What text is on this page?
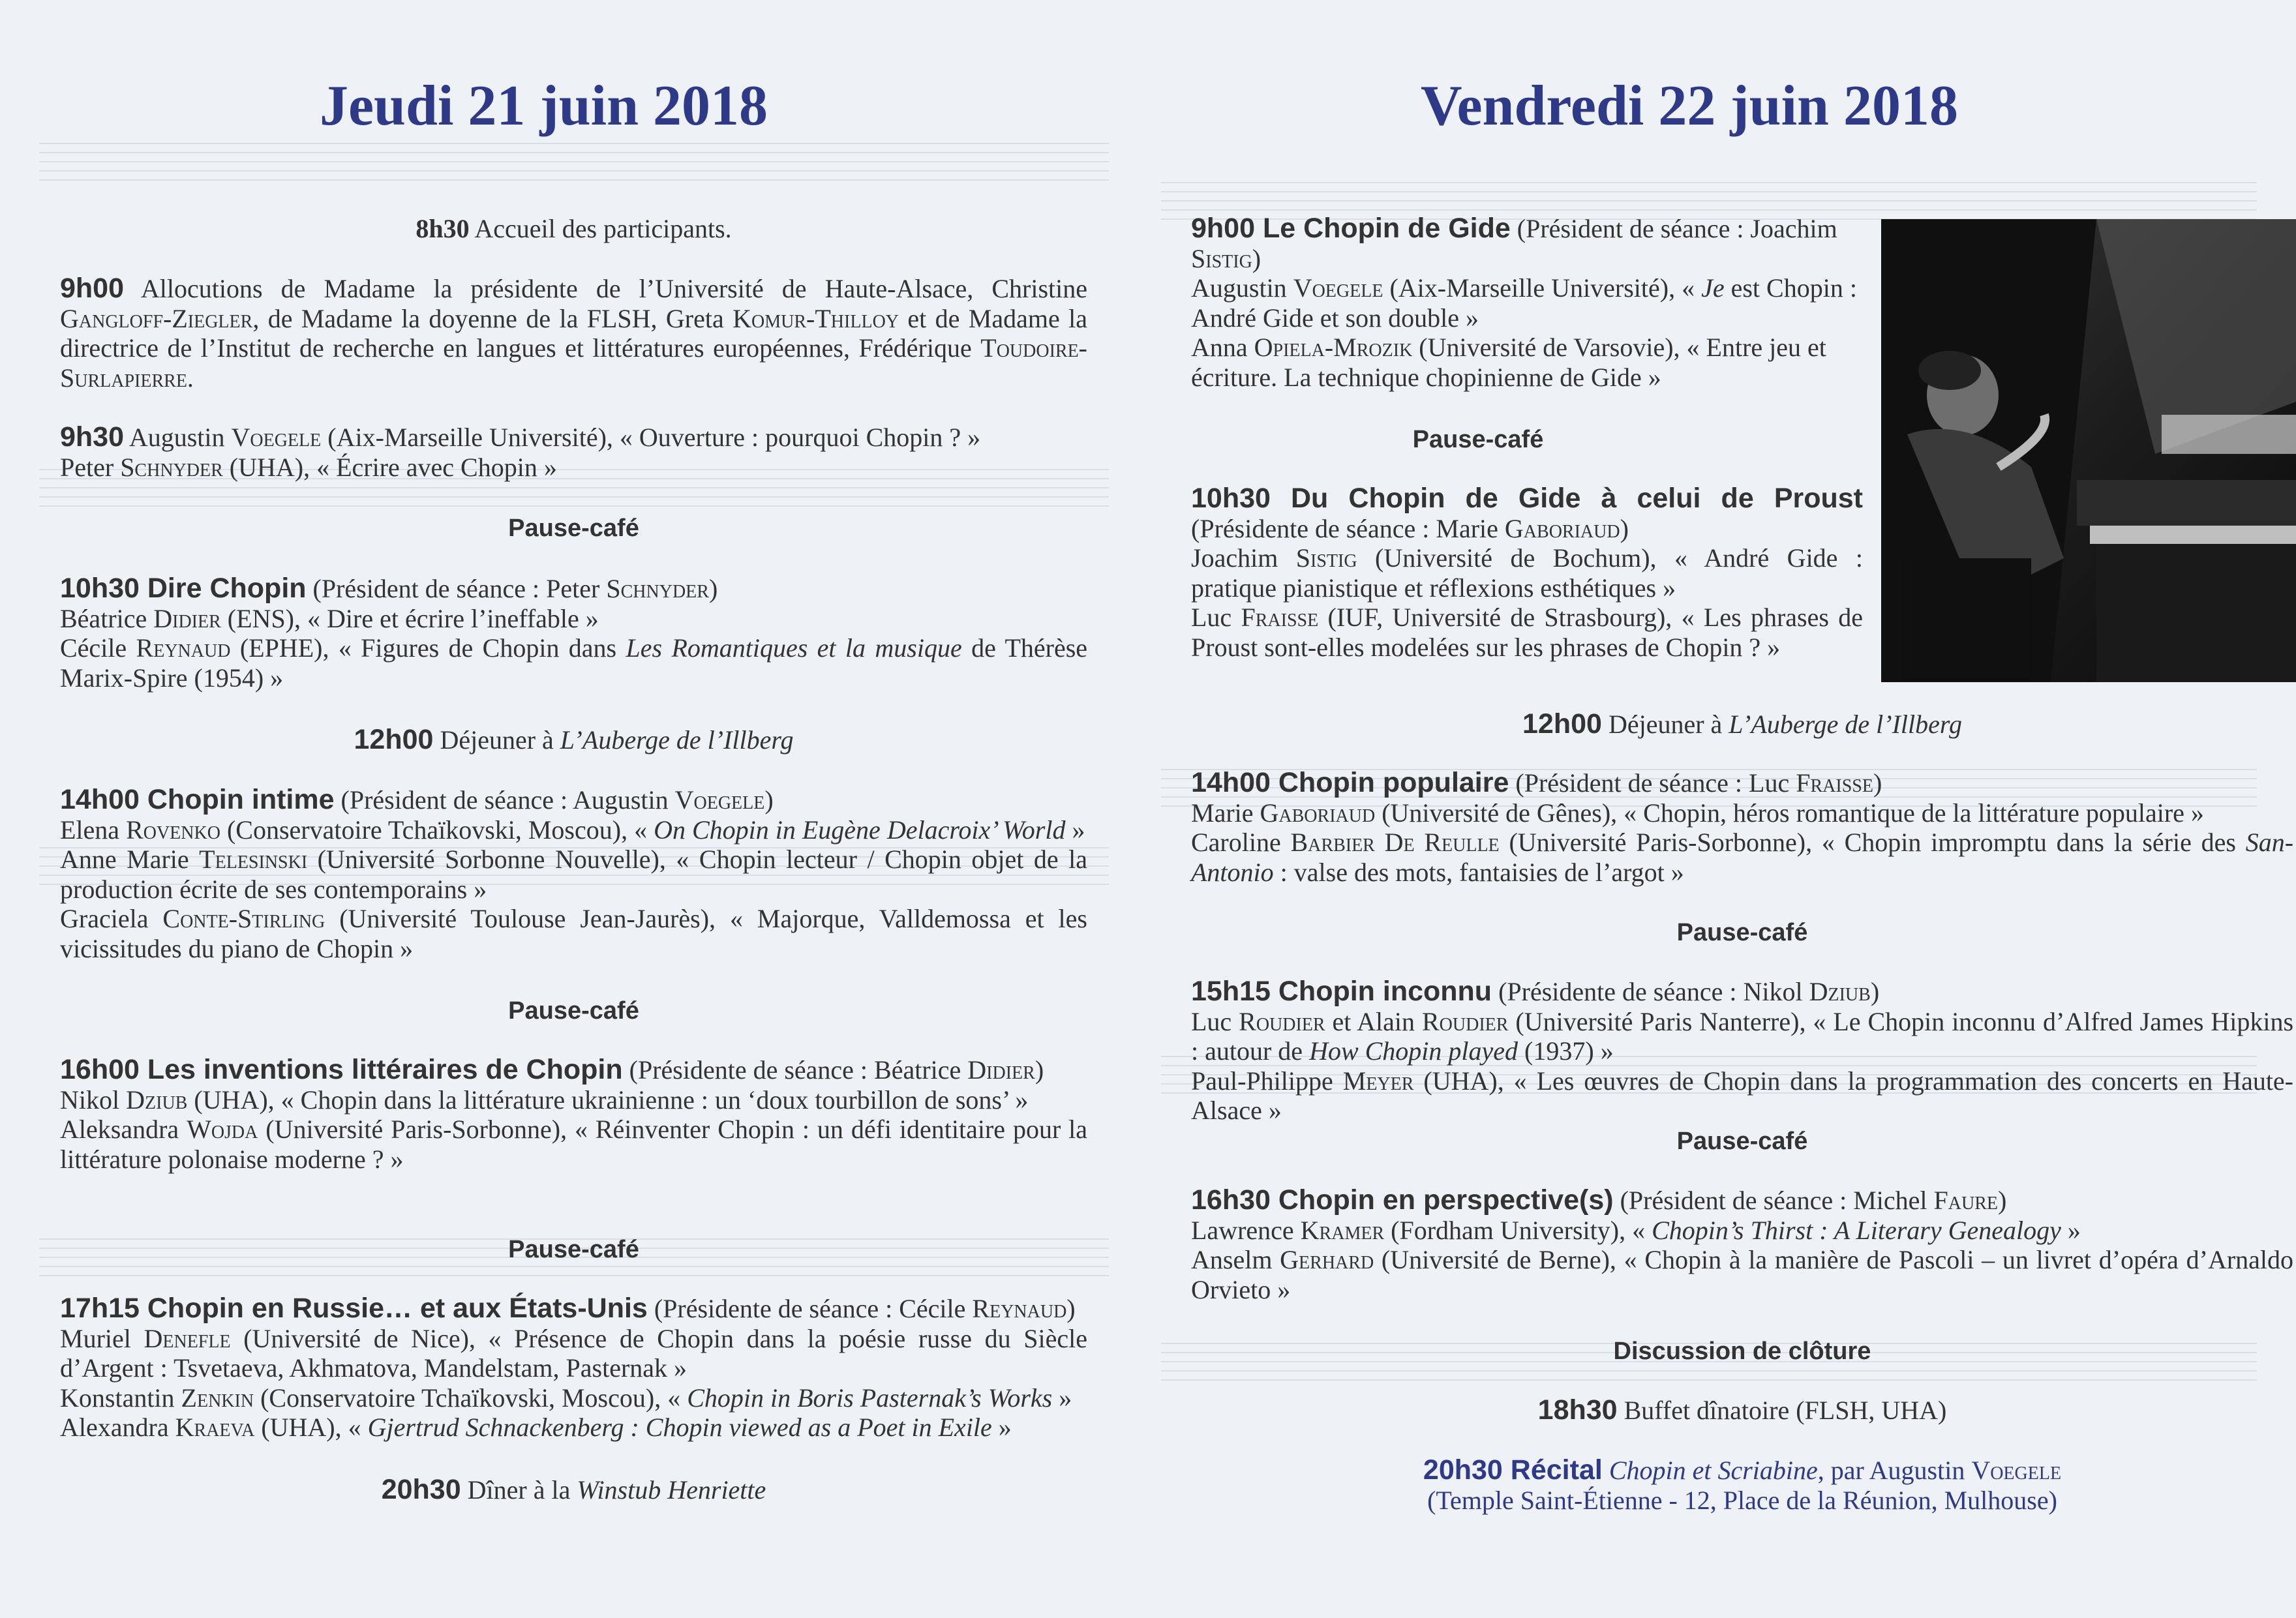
Jeudi 21 juin 2018	Vendredi 22 juin 2018
8h30 Accueil des participants.
9h00 Allocutions de Madame la présidente de l’Université de Haute-Alsace, Christine Gangloff-Ziegler, de Madame la doyenne de la FLSH, Greta Komur-Thilloy et de Madame la directrice de l’Institut de recherche en langues et littératures européennes, Frédérique Toudoire-Surlapierre.
9h30 Augustin Voegele (Aix-Marseille Université), « Ouverture : pourquoi Chopin ? »
Peter Schnyder (UHA), « Écrire avec Chopin »
Pause-café
10h30 Dire Chopin (Président de séance : Peter Schnyder)
Béatrice Didier (ENS), « Dire et écrire l’ineffable »
Cécile Reynaud (EPHE), « Figures de Chopin dans Les Romantiques et la musique de Thérèse Marix-Spire (1954) »
12h00 Déjeuner à L’Auberge de l’Illberg
14h00 Chopin intime (Président de séance : Augustin Voegele)
Elena Rovenko (Conservatoire Tchaïkovski, Moscou), « On Chopin in Eugène Delacroix’ World »
Anne Marie Telesinski (Université Sorbonne Nouvelle), « Chopin lecteur / Chopin objet de la production écrite de ses contemporains »
Graciela Conte-Stirling (Université Toulouse Jean-Jaurès), « Majorque, Valldemossa et les vicissitudes du piano de Chopin »
Pause-café
16h00 Les inventions littéraires de Chopin (Présidente de séance : Béatrice Didier)
Nikol Dziub (UHA), « Chopin dans la littérature ukrainienne : un ‘doux tourbillon de sons’ »
Aleksandra Wojda (Université Paris-Sorbonne), « Réinventer Chopin : un défi identitaire pour la littérature polonaise moderne ? »
Pause-café
17h15 Chopin en Russie… et aux États-Unis (Présidente de séance : Cécile Reynaud)
Muriel Denefle (Université de Nice), « Présence de Chopin dans la poésie russe du Siècle d’Argent : Tsvetaeva, Akhmatova, Mandelstam, Pasternak »
Konstantin Zenkin (Conservatoire Tchaïkovski, Moscou), « Chopin in Boris Pasternak’s Works »
Alexandra Kraeva (UHA), « Gjertrud Schnackenberg : Chopin viewed as a Poet in Exile »
20h30 Dîner à la Winstub Henriette
9h00 Le Chopin de Gide (Président de séance : Joachim Sistig)
Augustin Voegele (Aix-Marseille Université), « Je est Chopin : André Gide et son double »
Anna Opiela-Mrozik (Université de Varsovie), « Entre jeu et écriture. La technique chopinienne de Gide »
Pause-café
10h30 Du Chopin de Gide à celui de Proust (Présidente de séance : Marie Gaboriaud)
Joachim Sistig (Université de Bochum), « André Gide : pratique pianistique et réflexions esthétiques »
Luc Fraisse (IUF, Université de Strasbourg), « Les phrases de Proust sont-elles modelées sur les phrases de Chopin ? »
12h00 Déjeuner à L’Auberge de l’Illberg
14h00 Chopin populaire (Président de séance : Luc Fraisse)
Marie Gaboriaud (Université de Gênes), « Chopin, héros romantique de la littérature populaire »
Caroline Barbier De Reulle (Université Paris-Sorbonne), « Chopin impromptu dans la série des San-Antonio : valse des mots, fantaisies de l’argot »
Pause-café
15h15 Chopin inconnu (Présidente de séance : Nikol Dziub)
Luc Roudier et Alain Roudier (Université Paris Nanterre), « Le Chopin inconnu d’Alfred James Hipkins : autour de How Chopin played (1937) »
Paul-Philippe Meyer (UHA), « Les œuvres de Chopin dans la programmation des concerts en Haute-Alsace »
Pause-café
16h30 Chopin en perspective(s) (Président de séance : Michel Faure)
Lawrence Kramer (Fordham University), « Chopin’s Thirst : A Literary Genealogy »
Anselm Gerhard (Université de Berne), « Chopin à la manière de Pascoli – un livret d’opéra d’Arnaldo Orvieto »
Discussion de clôture
18h30 Buffet dînatoire (FLSH, UHA)
20h30 Récital Chopin et Scriabine, par Augustin Voegele
(Temple Saint-Étienne - 12, Place de la Réunion, Mulhouse)
